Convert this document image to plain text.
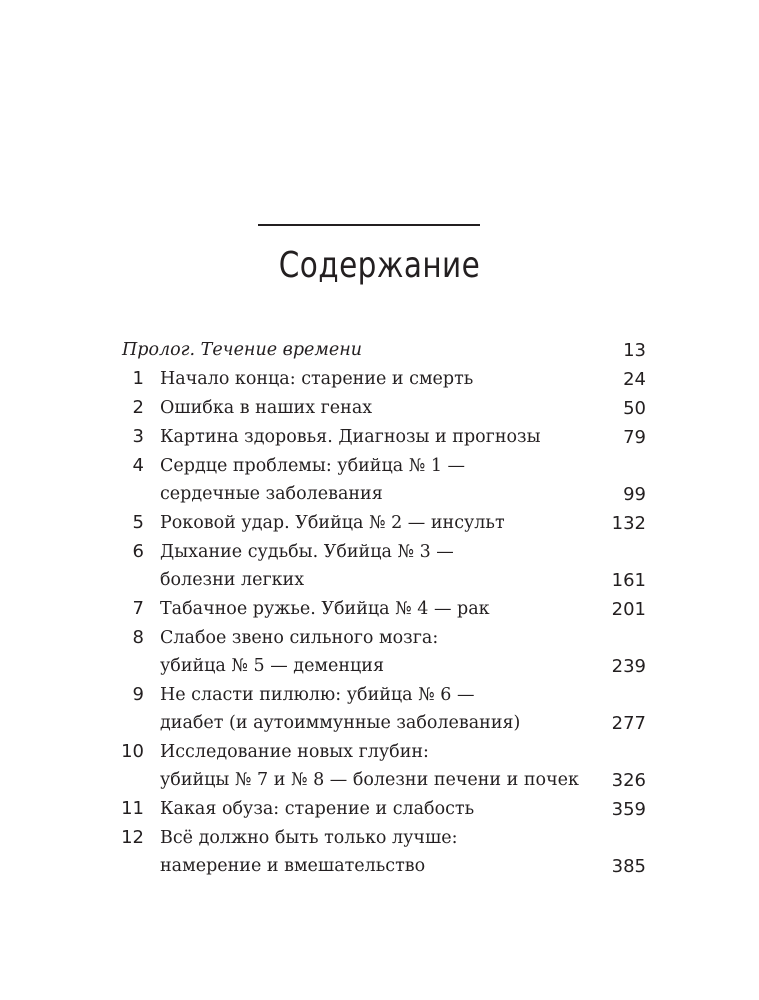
Содержание
Пролог. Течение времени	13
1 Начало конца: старение и смерть	24
2 Ошибка в наших генах	50
3 Картина здоровья. Диагнозы и прогнозы	79
4 Сердце проблемы: убийца № 1 —
сердечные заболевания	99
5 Роковой удар. Убийца № 2 — инсульт	132
6 Дыхание судьбы. Убийца № 3 —
болезни легких	161
7 Табачное ружье. Убийца № 4 — рак	201
8 Слабое звено сильного мозга:
убийца № 5 — деменция	239
9 Не сласти пилюлю: убийца № 6 —
диабет (и аутоиммунные заболевания)	277
10 Исследование новых глубин:
убийцы № 7 и № 8 — болезни печени и почек	326
11 Какая обуза: старение и слабость	359
12 Всё должно быть только лучше:
намерение и вмешательство	385
